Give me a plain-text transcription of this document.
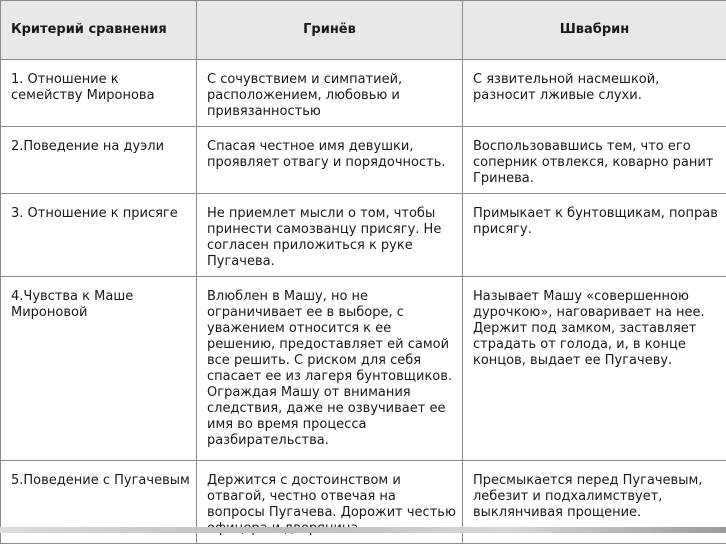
Критерий сравнения	Гринёв	Швабрин

1. Отношение к семейству Миронова	С сочувствием и симпатией, расположением, любовью и привязанностью	С язвительной насмешкой, разносит лживые слухи.

2.Поведение на дуэли	Спасая честное имя девушки, проявляет отвагу и порядочность.	Воспользовавшись тем, что его соперник отвлекся, коварно ранит Гринева.

3. Отношение к присяге	Не приемлет мысли о том, чтобы принести самозванцу присягу. Не согласен приложиться к руке Пугачева.	Примыкает к бунтовщикам, поправ присягу.

4.Чувства к Маше Мироновой	Влюблен в Машу, но не ограничивает ее в выборе, с уважением относится к ее решению, предоставляет ей самой все решить. С риском для себя спасает ее из лагеря бунтовщиков. Ограждая Машу от внимания следствия, даже не озвучивает ее имя во время процесса разбирательства.	Называет Машу «совершенною дурочкою», наговаривает на нее. Держит под замком, заставляет страдать от голода, и, в конце концов, выдает ее Пугачеву.

5.Поведение с Пугачевым	Держится с достоинством и отвагой, честно отвечая на вопросы Пугачева. Дорожит честью	Пресмыкается перед Пугачевым, лебезит и подхалимствует, выклянчивая прощение.
